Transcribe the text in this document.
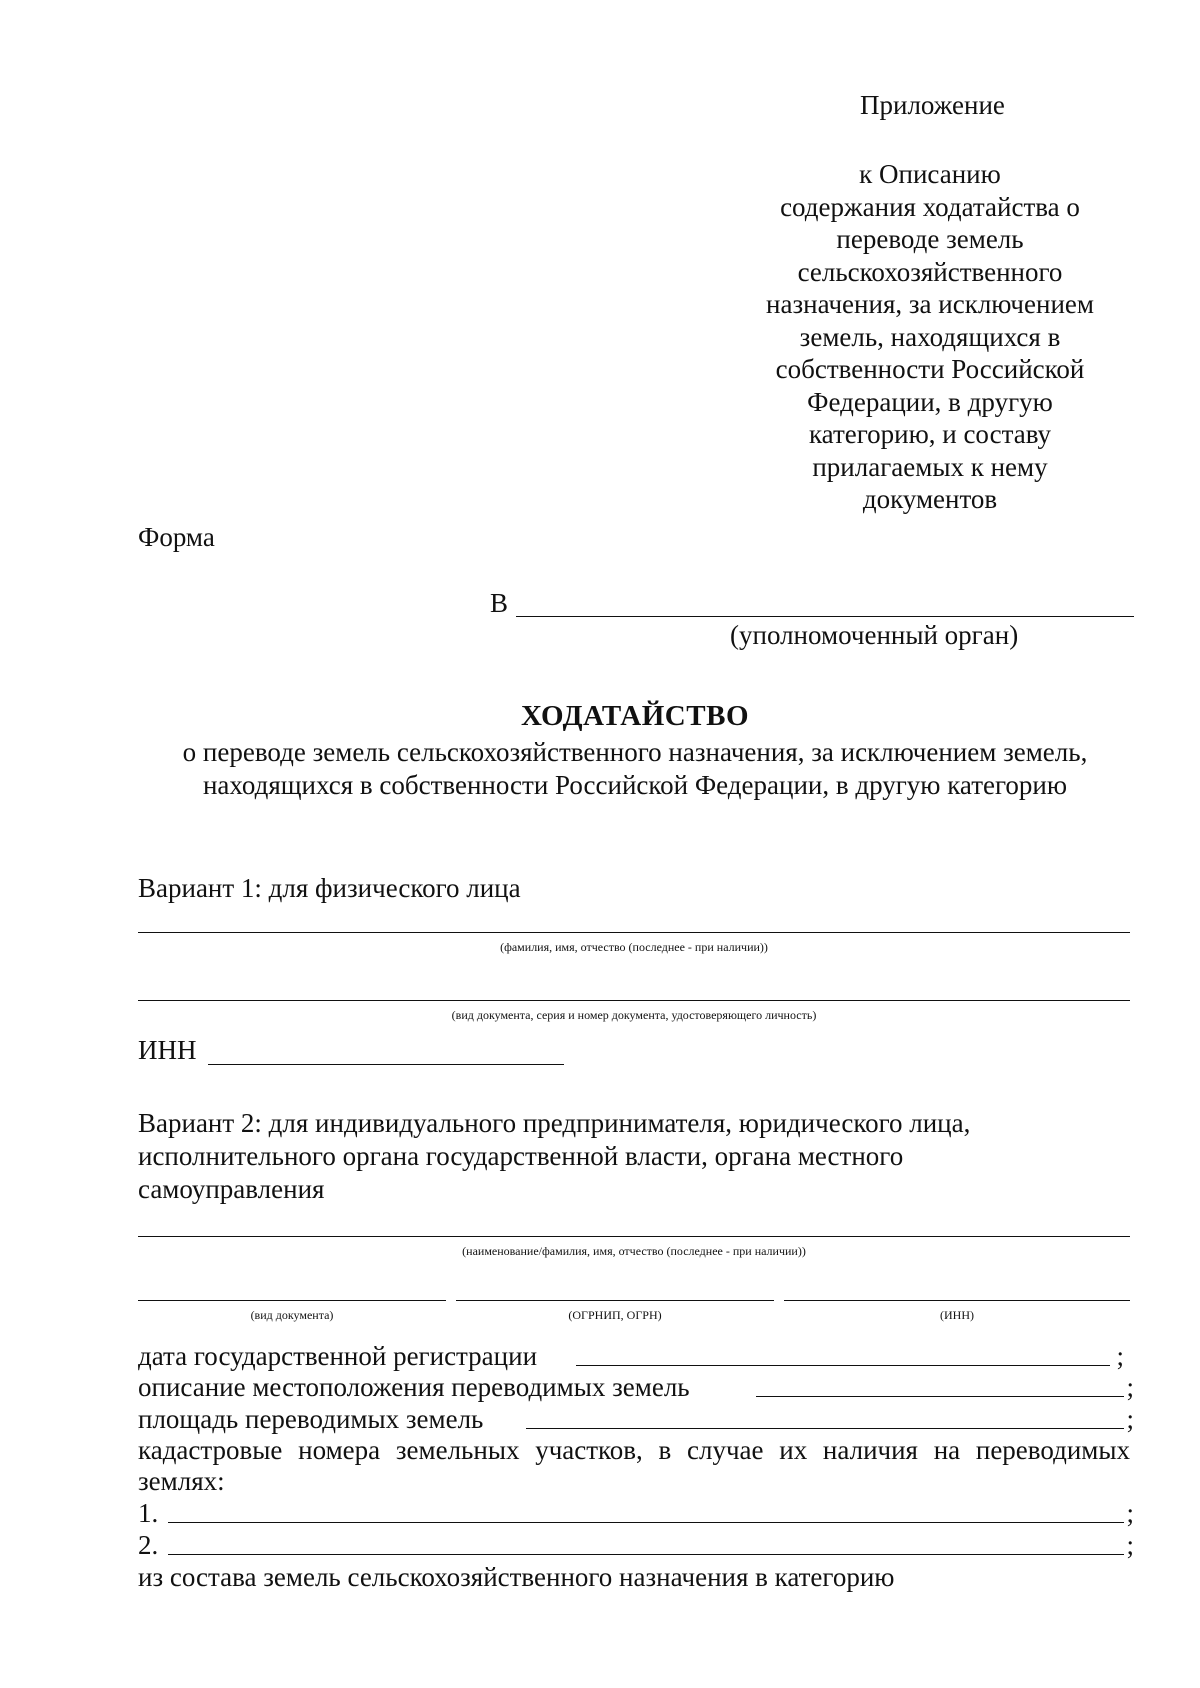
Приложение
к Описанию
содержания ходатайства о
переводе земель
сельскохозяйственного
назначения, за исключением
земель, находящихся в
собственности Российской
Федерации, в другую
категорию, и составу
прилагаемых к нему
документов
Форма
В
(уполномоченный орган)
ХОДАТАЙСТВО
о переводе земель сельскохозяйственного назначения, за исключением земель,
находящихся в собственности Российской Федерации, в другую категорию
Вариант 1: для физического лица
(фамилия, имя, отчество (последнее - при наличии))
(вид документа, серия и номер документа, удостоверяющего личность)
ИНН
Вариант 2: для индивидуального предпринимателя, юридического лица,
исполнительного органа государственной власти, органа местного
самоуправления
(наименование/фамилия, имя, отчество (последнее - при наличии))
(вид документа)	(ОГРНИП, ОГРН)	(ИНН)
дата государственной регистрации	;
описание местоположения переводимых земель	;
площадь переводимых земель	;
кадастровые номера земельных участков, в случае их наличия на переводимых землях:
1.	;
2.	;
из состава земель сельскохозяйственного назначения в категорию
